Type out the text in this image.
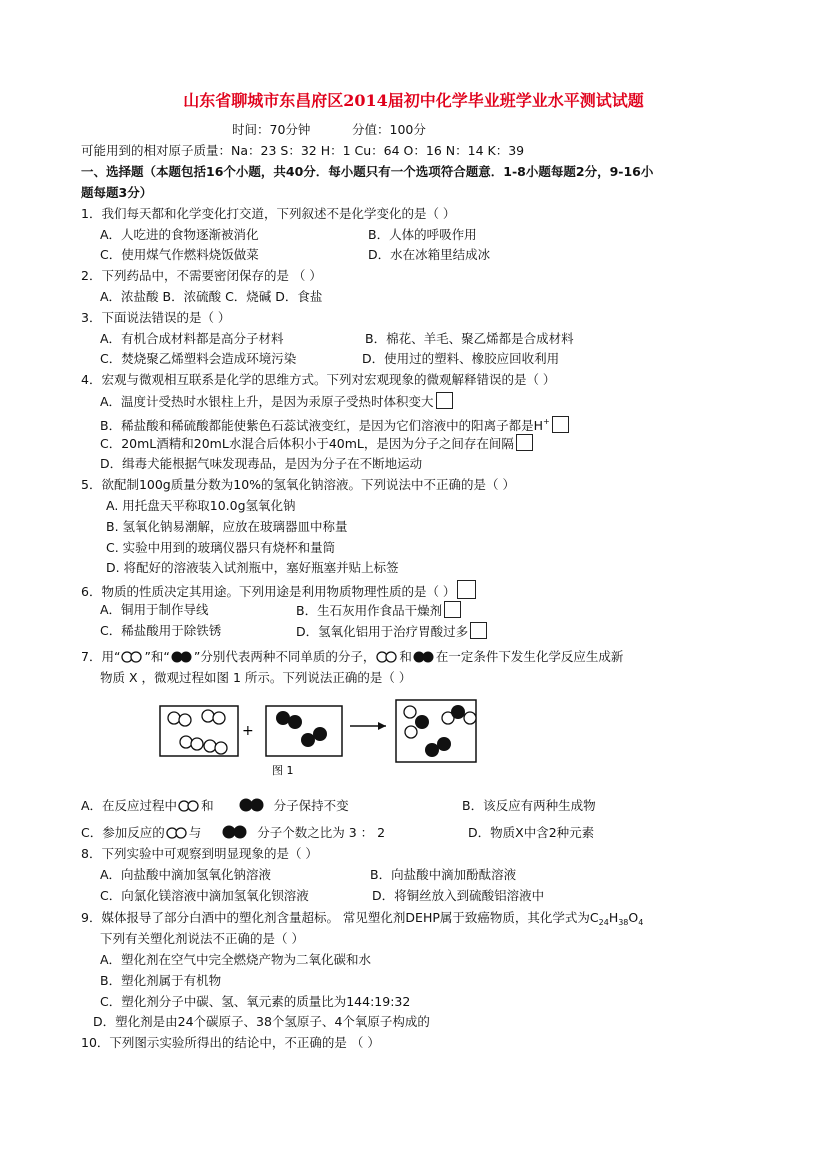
山东省聊城市东昌府区2014届初中化学毕业班学业水平测试试题
时间：70分钟	分值：100分
可能用到的相对原子质量：Na：23 S：32 H：1 Cu：64 O：16 N：14 K：39
一、选择题（本题包括16个小题，共40分．每小题只有一个选项符合题意．1-8小题每题2分，9-16小
题每题3分）
1．我们每天都和化学变化打交道，下列叙述不是化学变化的是（ ）
A．人吃进的食物逐渐被消化	B．人体的呼吸作用
C．使用煤气作燃料烧饭做菜	D．水在冰箱里结成冰
2．下列药品中，不需要密闭保存的是 （ ）
A．浓盐酸 B．浓硫酸 C．烧碱 D．食盐
3．下面说法错误的是（ ）
A．有机合成材料都是高分子材料	B．棉花、羊毛、聚乙烯都是合成材料
C．焚烧聚乙烯塑料会造成环境污染	D．使用过的塑料、橡胶应回收利用
4．宏观与微观相互联系是化学的思维方式。下列对宏观现象的微观解释错误的是（ ）
A．温度计受热时水银柱上升，是因为汞原子受热时体积变大
B．稀盐酸和稀硫酸都能使紫色石蕊试液变红，是因为它们溶液中的阳离子都是H+
C．20mL酒精和20mL水混合后体积小于40mL，是因为分子之间存在间隔
D．缉毒犬能根据气味发现毒品，是因为分子在不断地运动
5．欲配制100g质量分数为10%的氢氧化钠溶液。下列说法中不正确的是（ ）
A. 用托盘天平称取10.0g氢氧化钠
B. 氢氧化钠易潮解，应放在玻璃器皿中称量
C. 实验中用到的玻璃仪器只有烧杯和量筒
D. 将配好的溶液装入试剂瓶中，塞好瓶塞并贴上标签
6．物质的性质决定其用途。下列用途是利用物质物理性质的是（ ）
A．铜用于制作导线	B．生石灰用作食品干燥剂
C．稀盐酸用于除铁锈	D．氢氧化铝用于治疗胃酸过多
7．用“ ”和“ ”分别代表两种不同单质的分子， 和 在一定条件下发生化学反应生成新
物质 X ，微观过程如图 1 所示。下列说法正确的是（ ）
+
图 1
A．在反应过程中 和	分子保持不变	B．该反应有两种生成物
C．参加反应的 与	分子个数之比为 3 ： 2	D．物质X中含2种元素
8．下列实验中可观察到明显现象的是（ ）
A．向盐酸中滴加氢氧化钠溶液	B．向盐酸中滴加酚酞溶液
C．向氯化镁溶液中滴加氢氧化钡溶液	D．将铜丝放入到硫酸铝溶液中
9．媒体报导了部分白酒中的塑化剂含量超标。 常见塑化剂DEHP属于致癌物质，其化学式为$C_{24}H_{38}O_4$
下列有关塑化剂说法不正确的是（ ）
A．塑化剂在空气中完全燃烧产物为二氧化碳和水
B．塑化剂属于有机物
C．塑化剂分子中碳、氢、氧元素的质量比为144:19:32
D．塑化剂是由24个碳原子、38个氢原子、4个氧原子构成的
10．下列图示实验所得出的结论中，不正确的是 （ ）
